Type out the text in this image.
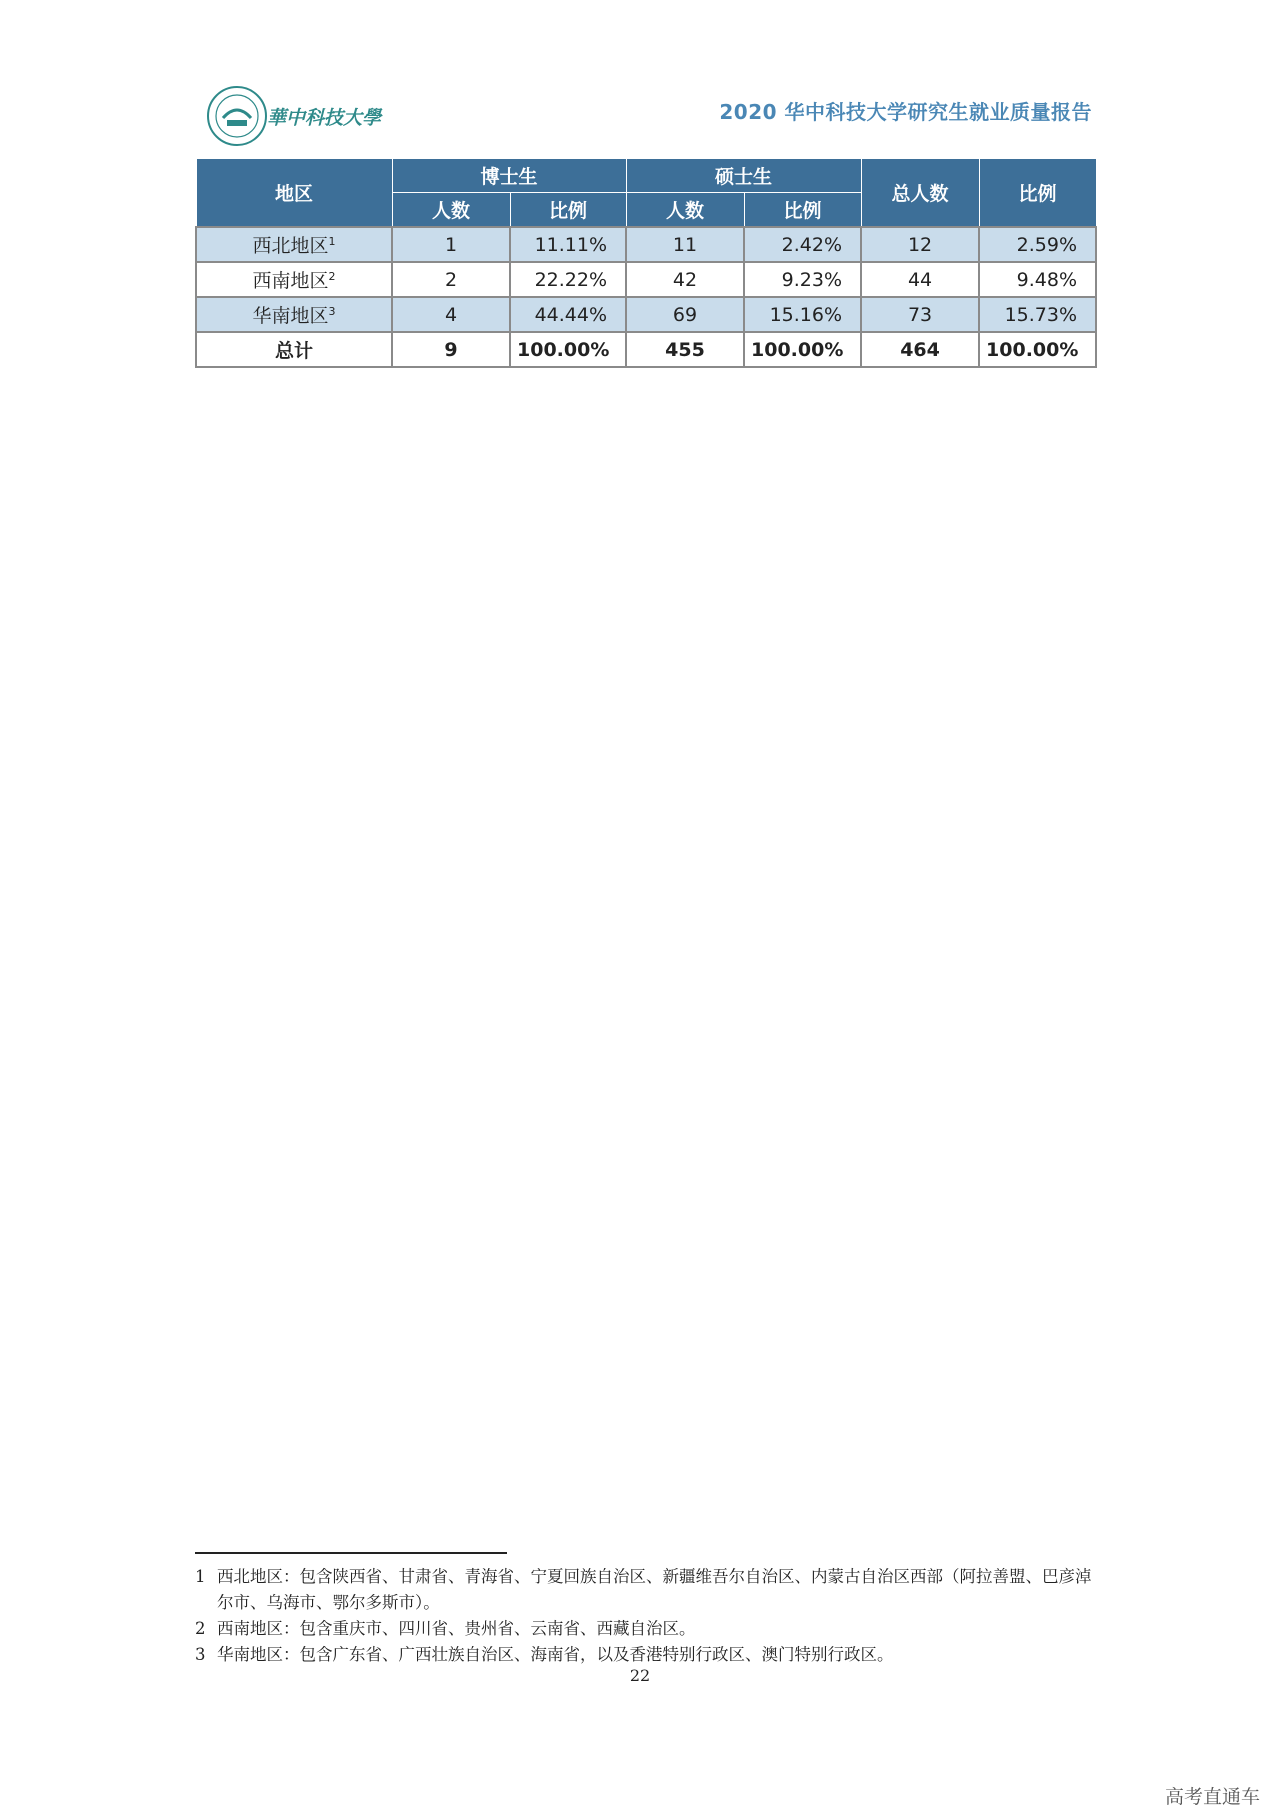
華中科技大學	2020 华中科技大学研究生就业质量报告
地区	博士生		硕士生		总人数	比例
	人数	比例	人数	比例		
西北地区$^1$	1	11.11%	11	2.42%	12	2.59%
西南地区$^2$	2	22.22%	42	9.23%	44	9.48%
华南地区$^3$	4	44.44%	69	15.16%	73	15.73%
总计	9	100.00%	455	100.00%	464	100.00%
1 西北地区：包含陕西省、甘肃省、青海省、宁夏回族自治区、新疆维吾尔自治区、内蒙古自治区西部（阿拉善盟、巴彦淖尔市、乌海市、鄂尔多斯市）。
2 西南地区：包含重庆市、四川省、贵州省、云南省、西藏自治区。
3 华南地区：包含广东省、广西壮族自治区、海南省，以及香港特别行政区、澳门特别行政区。
22
高考直通车
